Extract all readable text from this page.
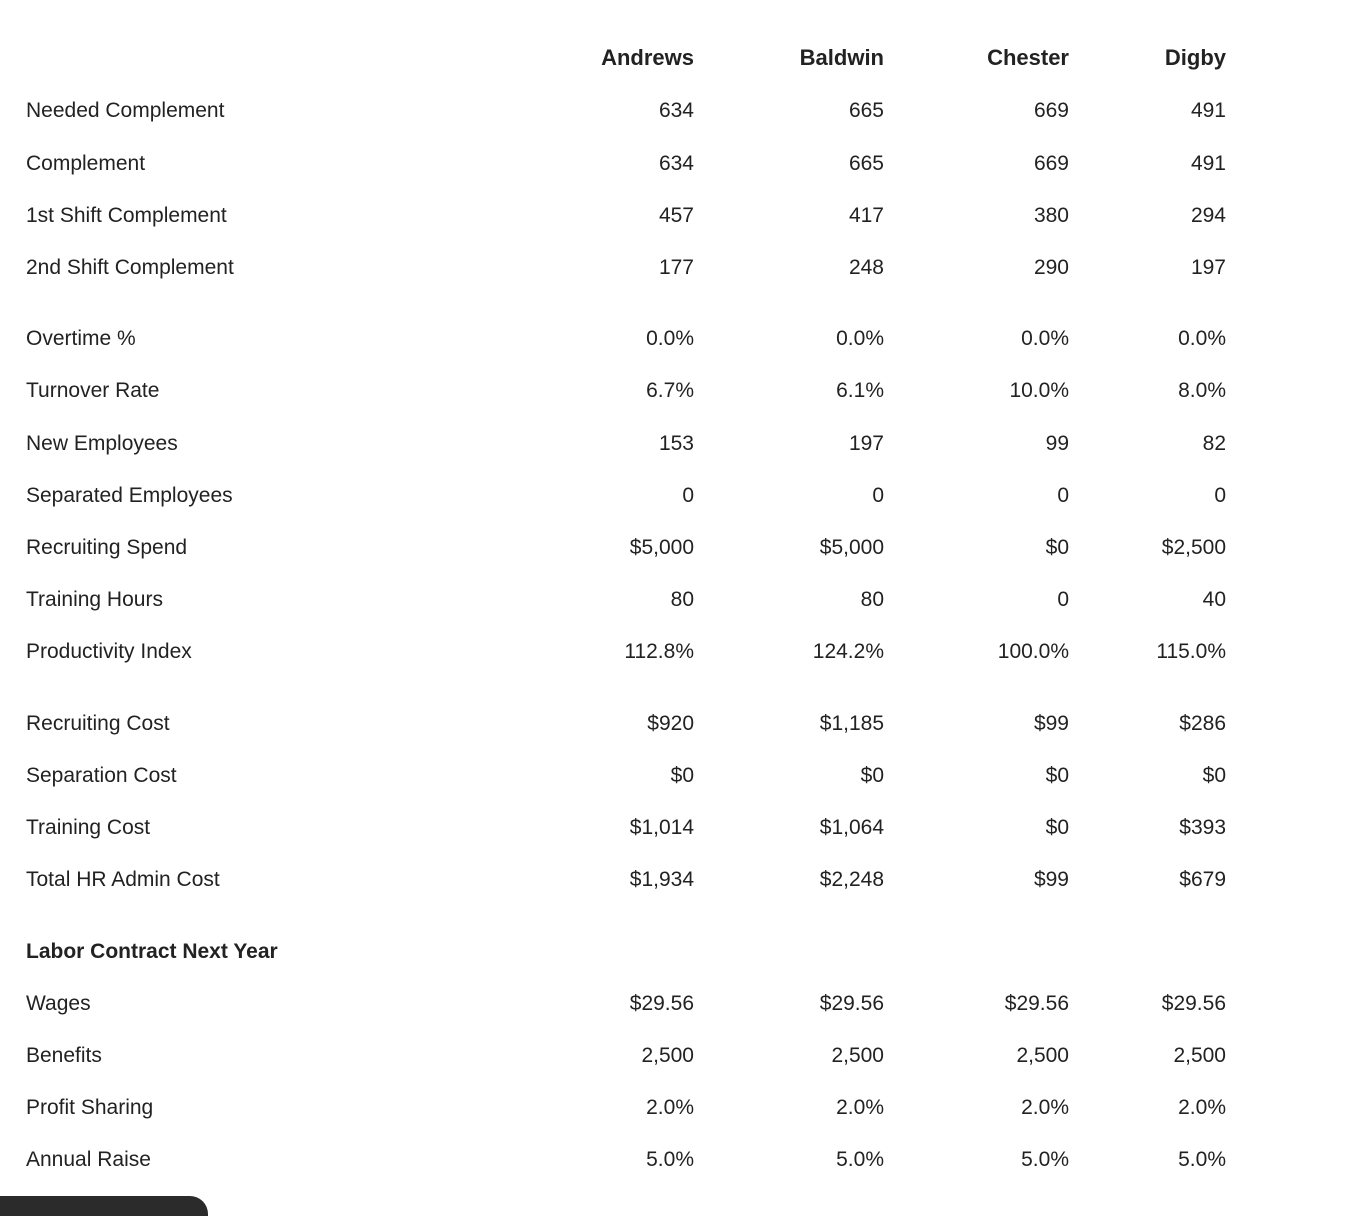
Andrews	Baldwin	Chester	Digby
Needed Complement	634	665	669	491
Complement	634	665	669	491
1st Shift Complement	457	417	380	294
2nd Shift Complement	177	248	290	197
Overtime %	0.0%	0.0%	0.0%	0.0%
Turnover Rate	6.7%	6.1%	10.0%	8.0%
New Employees	153	197	99	82
Separated Employees	0	0	0	0
Recruiting Spend	$5,000	$5,000	$0	$2,500
Training Hours	80	80	0	40
Productivity Index	112.8%	124.2%	100.0%	115.0%
Recruiting Cost	$920	$1,185	$99	$286
Separation Cost	$0	$0	$0	$0
Training Cost	$1,014	$1,064	$0	$393
Total HR Admin Cost	$1,934	$2,248	$99	$679
Labor Contract Next Year
Wages	$29.56	$29.56	$29.56	$29.56
Benefits	2,500	2,500	2,500	2,500
Profit Sharing	2.0%	2.0%	2.0%	2.0%
Annual Raise	5.0%	5.0%	5.0%	5.0%
